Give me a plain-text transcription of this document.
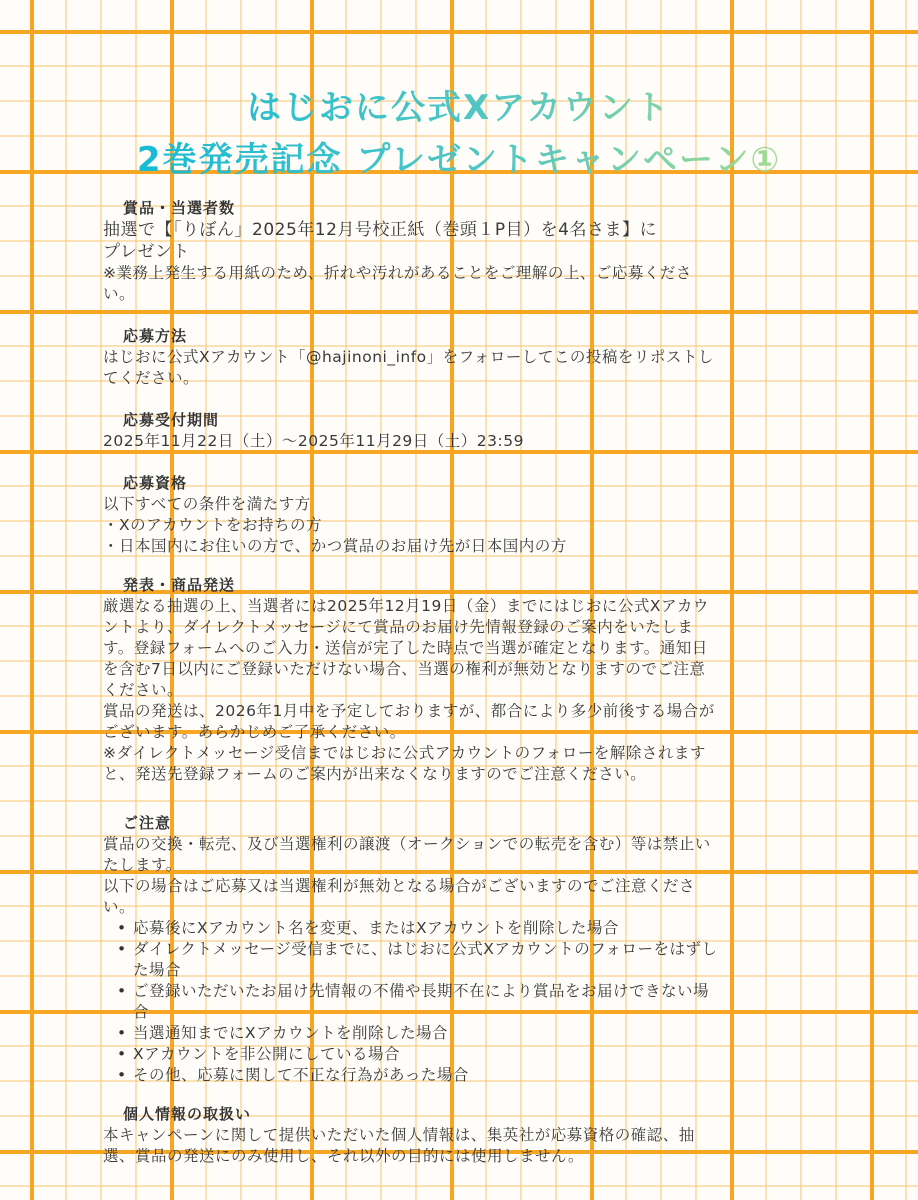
はじおに公式Xアカウント
2巻発売記念 プレゼントキャンペーン①
賞品・当選者数
抽選で【「りぼん」2025年12月号校正紙（巻頭１P目）を4名さま】に
プレゼント
※業務上発生する用紙のため、折れや汚れがあることをご理解の上、ご応募くださ
い。
応募方法
はじおに公式Xアカウント「@hajinoni_info」をフォローしてこの投稿をリポストし
てください。
応募受付期間
2025年11月22日（土）～2025年11月29日（土）23:59
応募資格
以下すべての条件を満たす方
・Xのアカウントをお持ちの方
・日本国内にお住いの方で、かつ賞品のお届け先が日本国内の方
発表・商品発送
厳選なる抽選の上、当選者には2025年12月19日（金）までにはじおに公式Xアカウ
ントより、ダイレクトメッセージにて賞品のお届け先情報登録のご案内をいたしま
す。登録フォームへのご入力・送信が完了した時点で当選が確定となります。通知日
を含む7日以内にご登録いただけない場合、当選の権利が無効となりますのでご注意
ください。
賞品の発送は、2026年1月中を予定しておりますが、都合により多少前後する場合が
ございます。あらかじめご了承ください。
※ダイレクトメッセージ受信まではじおに公式アカウントのフォローを解除されます
と、発送先登録フォームのご案内が出来なくなりますのでご注意ください。
ご注意
賞品の交換・転売、及び当選権利の譲渡（オークションでの転売を含む）等は禁止い
たします。
以下の場合はご応募又は当選権利が無効となる場合がございますのでご注意くださ
い。
• 応募後にXアカウント名を変更、またはXアカウントを削除した場合
• ダイレクトメッセージ受信までに、はじおに公式Xアカウントのフォローをはずし
た場合
• ご登録いただいたお届け先情報の不備や長期不在により賞品をお届けできない場
合
• 当選通知までにXアカウントを削除した場合
• Xアカウントを非公開にしている場合
• その他、応募に関して不正な行為があった場合
個人情報の取扱い
本キャンペーンに関して提供いただいた個人情報は、集英社が応募資格の確認、抽
選、賞品の発送にのみ使用し、それ以外の目的には使用しません。
